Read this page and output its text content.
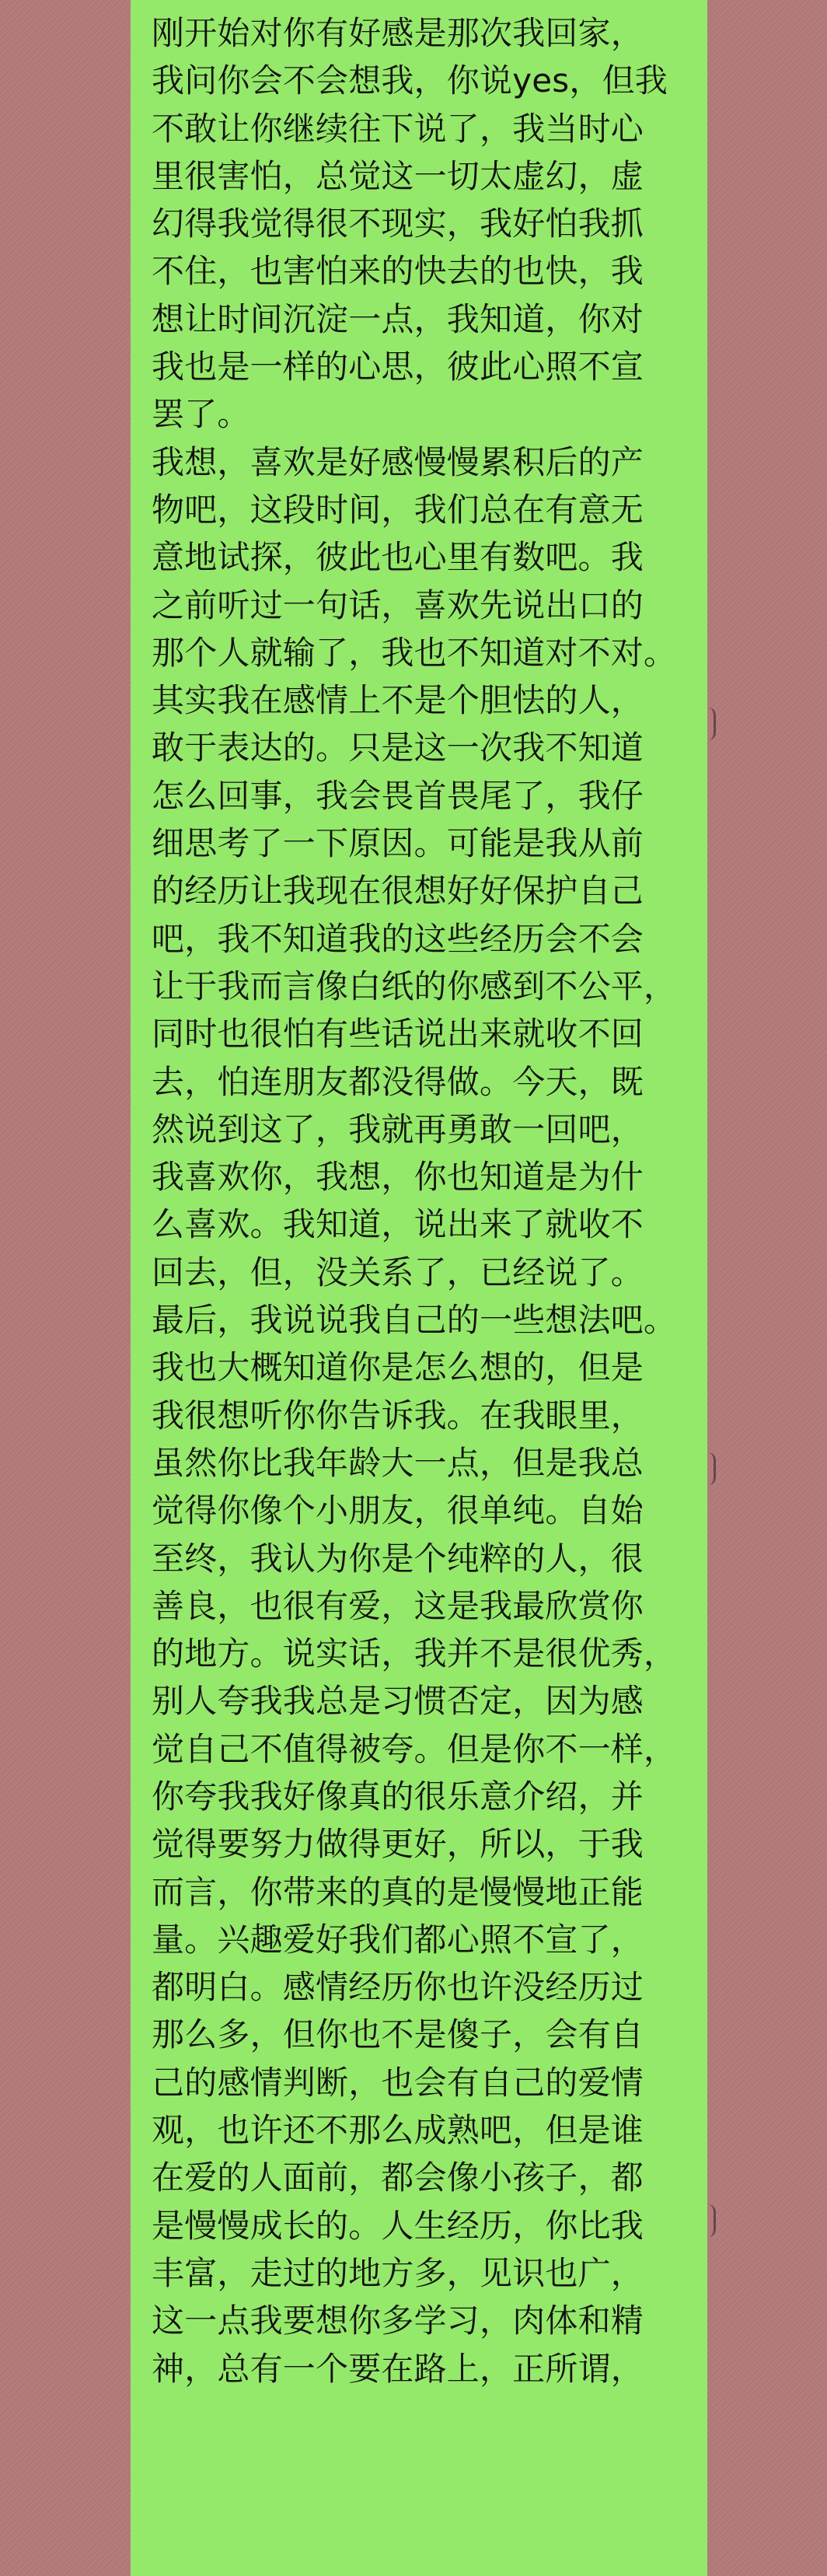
刚开始对你有好感是那次我回家，
我问你会不会想我，你说yes，但我
不敢让你继续往下说了，我当时心
里很害怕，总觉这一切太虚幻，虚
幻得我觉得很不现实，我好怕我抓
不住，也害怕来的快去的也快，我
想让时间沉淀一点，我知道，你对
我也是一样的心思，彼此心照不宣
罢了。
我想，喜欢是好感慢慢累积后的产
物吧，这段时间，我们总在有意无
意地试探，彼此也心里有数吧。我
之前听过一句话，喜欢先说出口的
那个人就输了，我也不知道对不对。
其实我在感情上不是个胆怯的人，
敢于表达的。只是这一次我不知道
怎么回事，我会畏首畏尾了，我仔
细思考了一下原因。可能是我从前
的经历让我现在很想好好保护自己
吧，我不知道我的这些经历会不会
让于我而言像白纸的你感到不公平，
同时也很怕有些话说出来就收不回
去，怕连朋友都没得做。今天，既
然说到这了，我就再勇敢一回吧，
我喜欢你，我想，你也知道是为什
么喜欢。我知道，说出来了就收不
回去，但，没关系了，已经说了。
最后，我说说我自己的一些想法吧。
我也大概知道你是怎么想的，但是
我很想听你你告诉我。在我眼里，
虽然你比我年龄大一点，但是我总
觉得你像个小朋友，很单纯。自始
至终，我认为你是个纯粹的人，很
善良，也很有爱，这是我最欣赏你
的地方。说实话，我并不是很优秀，
别人夸我我总是习惯否定，因为感
觉自己不值得被夸。但是你不一样，
你夸我我好像真的很乐意介绍，并
觉得要努力做得更好，所以，于我
而言，你带来的真的是慢慢地正能
量。兴趣爱好我们都心照不宣了，
都明白。感情经历你也许没经历过
那么多，但你也不是傻子，会有自
己的感情判断，也会有自己的爱情
观，也许还不那么成熟吧，但是谁
在爱的人面前，都会像小孩子，都
是慢慢成长的。人生经历，你比我
丰富，走过的地方多，见识也广，
这一点我要想你多学习，肉体和精
神，总有一个要在路上，正所谓，
